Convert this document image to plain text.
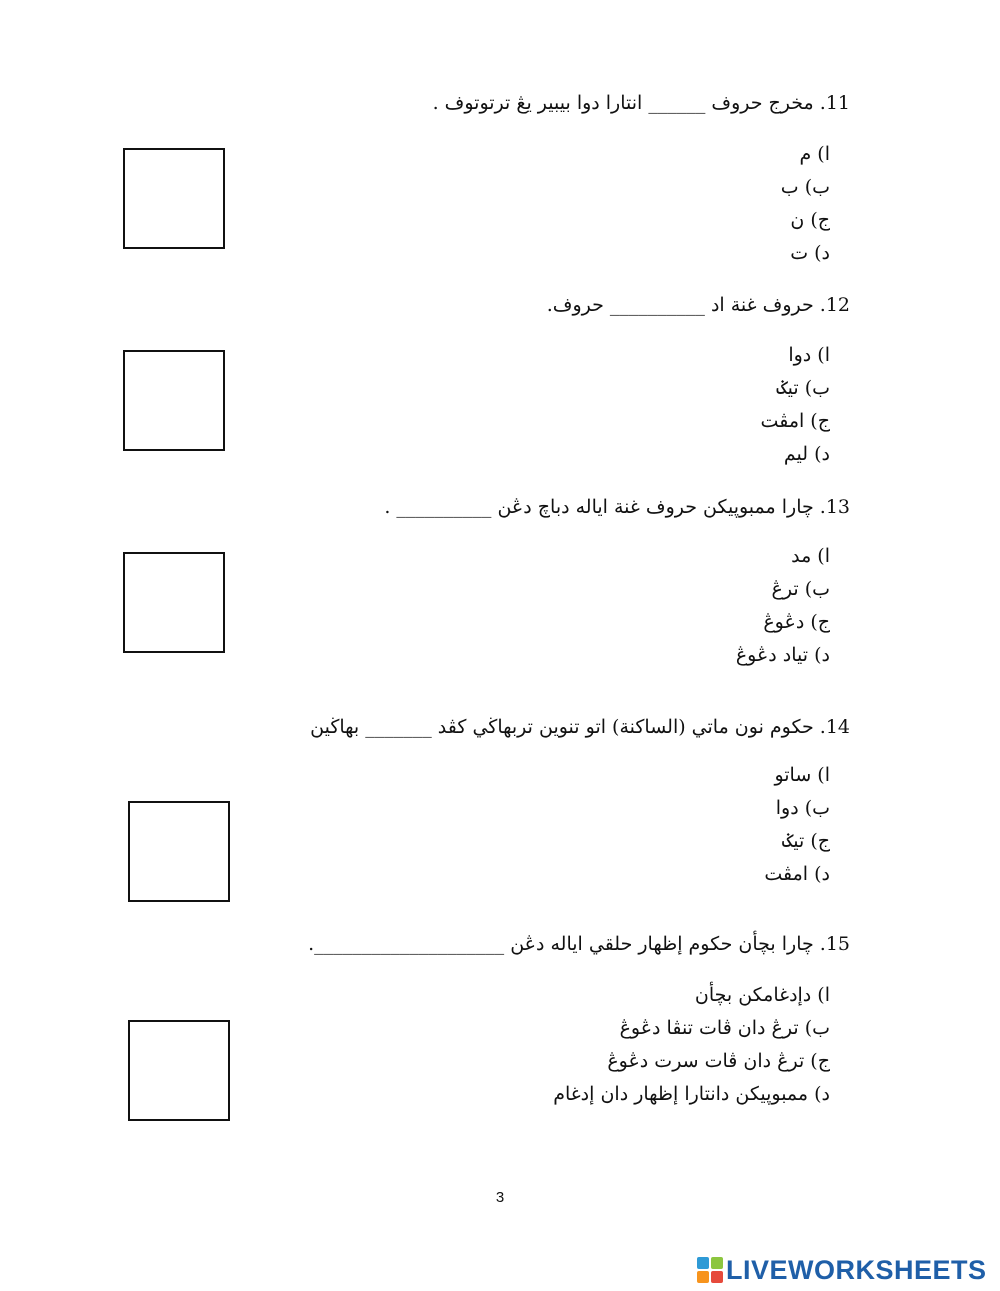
11. مخرج حروف ______ انتارا دوا بيبير يڠ ترتوتوف .
ا) م
ب) ب
ج) ن
د) ت
12. حروف غنة اد __________ حروف.
ا) دوا
ب) تيݢ
ج) امڤت
د) ليم
13. چارا ممبوپيکن حروف غنة اياله دباچ دڠن __________ .
ا) مد
ب) ترڠ
ج) دڠوڠ
د) تياد دڠوڠ
14. حکوم نون ماتي (الساکنة) اتو تنوين تربهاڬي کڤد _______ بهاڬين
ا) ساتو
ب) دوا
ج) تيݢ
د) امڤت
15. چارا بچأن حکوم إظهار حلقي اياله دڠن ____________________.
ا) دإدغامکن بچأن
ب) ترڠ دان ڤات تنڤا دڠوڠ
ج) ترڠ دان ڤات سرت دڠوڠ
د) ممبوپيکن دانتارا إظهار دان إدغام
3
LIVEWORKSHEETS
